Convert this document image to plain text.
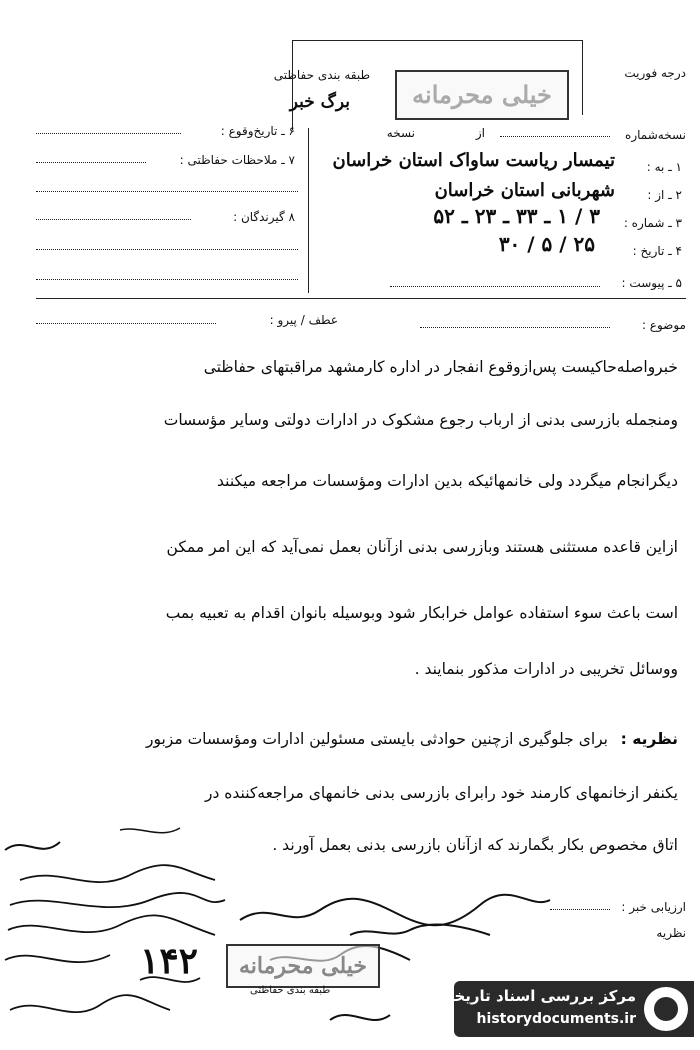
درجه فوریت
طبقه بندی حفاظتی
خیلی محرمانه
برگ خبر
نسخه‌شماره
از
نسخه
۱ ـ به :
تیمسار ریاست ساواک استان خراسان
۲ ـ از :
شهربانی استان خراسان
۳ ـ شماره :
۳ / ۱ ـ ۳۳ ـ ۲۳ ـ ۵۲
۴ ـ تاریخ :
۲۵ / ۵ / ۳۰
۵ ـ پیوست :
۶ ـ تاریخ‌وقوع :
۷ ـ ملاحظات حفاظتی :
۸ گیرندگان :
موضوع :
عطف / پیرو :
خبرواصله‌حاکیست پس‌ازوقوع انفجار در اداره کارمشهد مراقبتهای حفاظتی
ومنجمله بازرسی بدنی از ارباب رجوع مشکوک در ادارات دولتی وسایر مؤسسات
دیگرانجام میگردد ولی خانمهائیکه بدین ادارات ومؤسسات مراجعه میکنند
ازاین قاعده مستثنی هستند وبازرسی بدنی ازآنان بعمل نمی‌آید که این امر ممکن
است باعث سوء استفاده عوامل خرابکار شود وبوسیله بانوان اقدام به تعبیه بمب
ووسائل تخریبی در ادارات مذکور بنمایند .
نظریه :
برای جلوگیری ازچنین حوادثی بایستی مسئولین ادارات ومؤسسات مزبور
یکنفر ازخانمهای کارمند خود رابرای بازرسی بدنی خانمهای مراجعه‌کننده در
اتاق مخصوص بکار بگمارند که ازآنان بازرسی بدنی بعمل آورند .
ارزیابی خبر :
نظریه
خیلی محرمانه
طبقه بندی حفاظتی
۱۴۲
مرکز بررسی اسناد تاریخی
historydocuments.ir
